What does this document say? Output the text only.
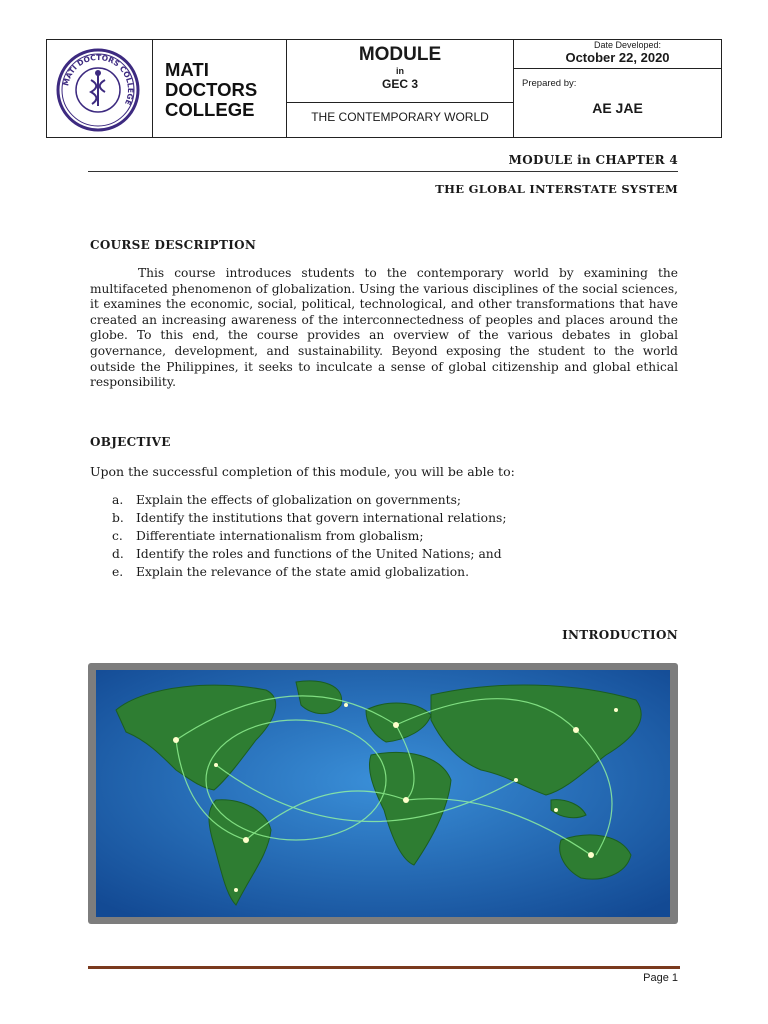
MATI DOCTORS COLLEGE
MATI
DOCTORS
COLLEGE
MODULE
in
GEC 3
THE CONTEMPORARY WORLD
Date Developed:
October 22, 2020
Prepared by:
AE JAE
MODULE in CHAPTER 4
THE GLOBAL INTERSTATE SYSTEM
COURSE DESCRIPTION
This course introduces students to the contemporary world by examining the multifaceted phenomenon of globalization. Using the various disciplines of the social sciences, it examines the economic, social, political, technological, and other transformations that have created an increasing awareness of the interconnectedness of peoples and places around the globe. To this end, the course provides an overview of the various debates in global governance, development, and sustainability. Beyond exposing the student to the world outside the Philippines, it seeks to inculcate a sense of global citizenship and global ethical responsibility.
OBJECTIVE
Upon the successful completion of this module, you will be able to:
a. Explain the effects of globalization on governments;
b. Identify the institutions that govern international relations;
c. Differentiate internationalism from globalism;
d. Identify the roles and functions of the United Nations; and
e. Explain the relevance of the state amid globalization.
INTRODUCTION
Page 1
